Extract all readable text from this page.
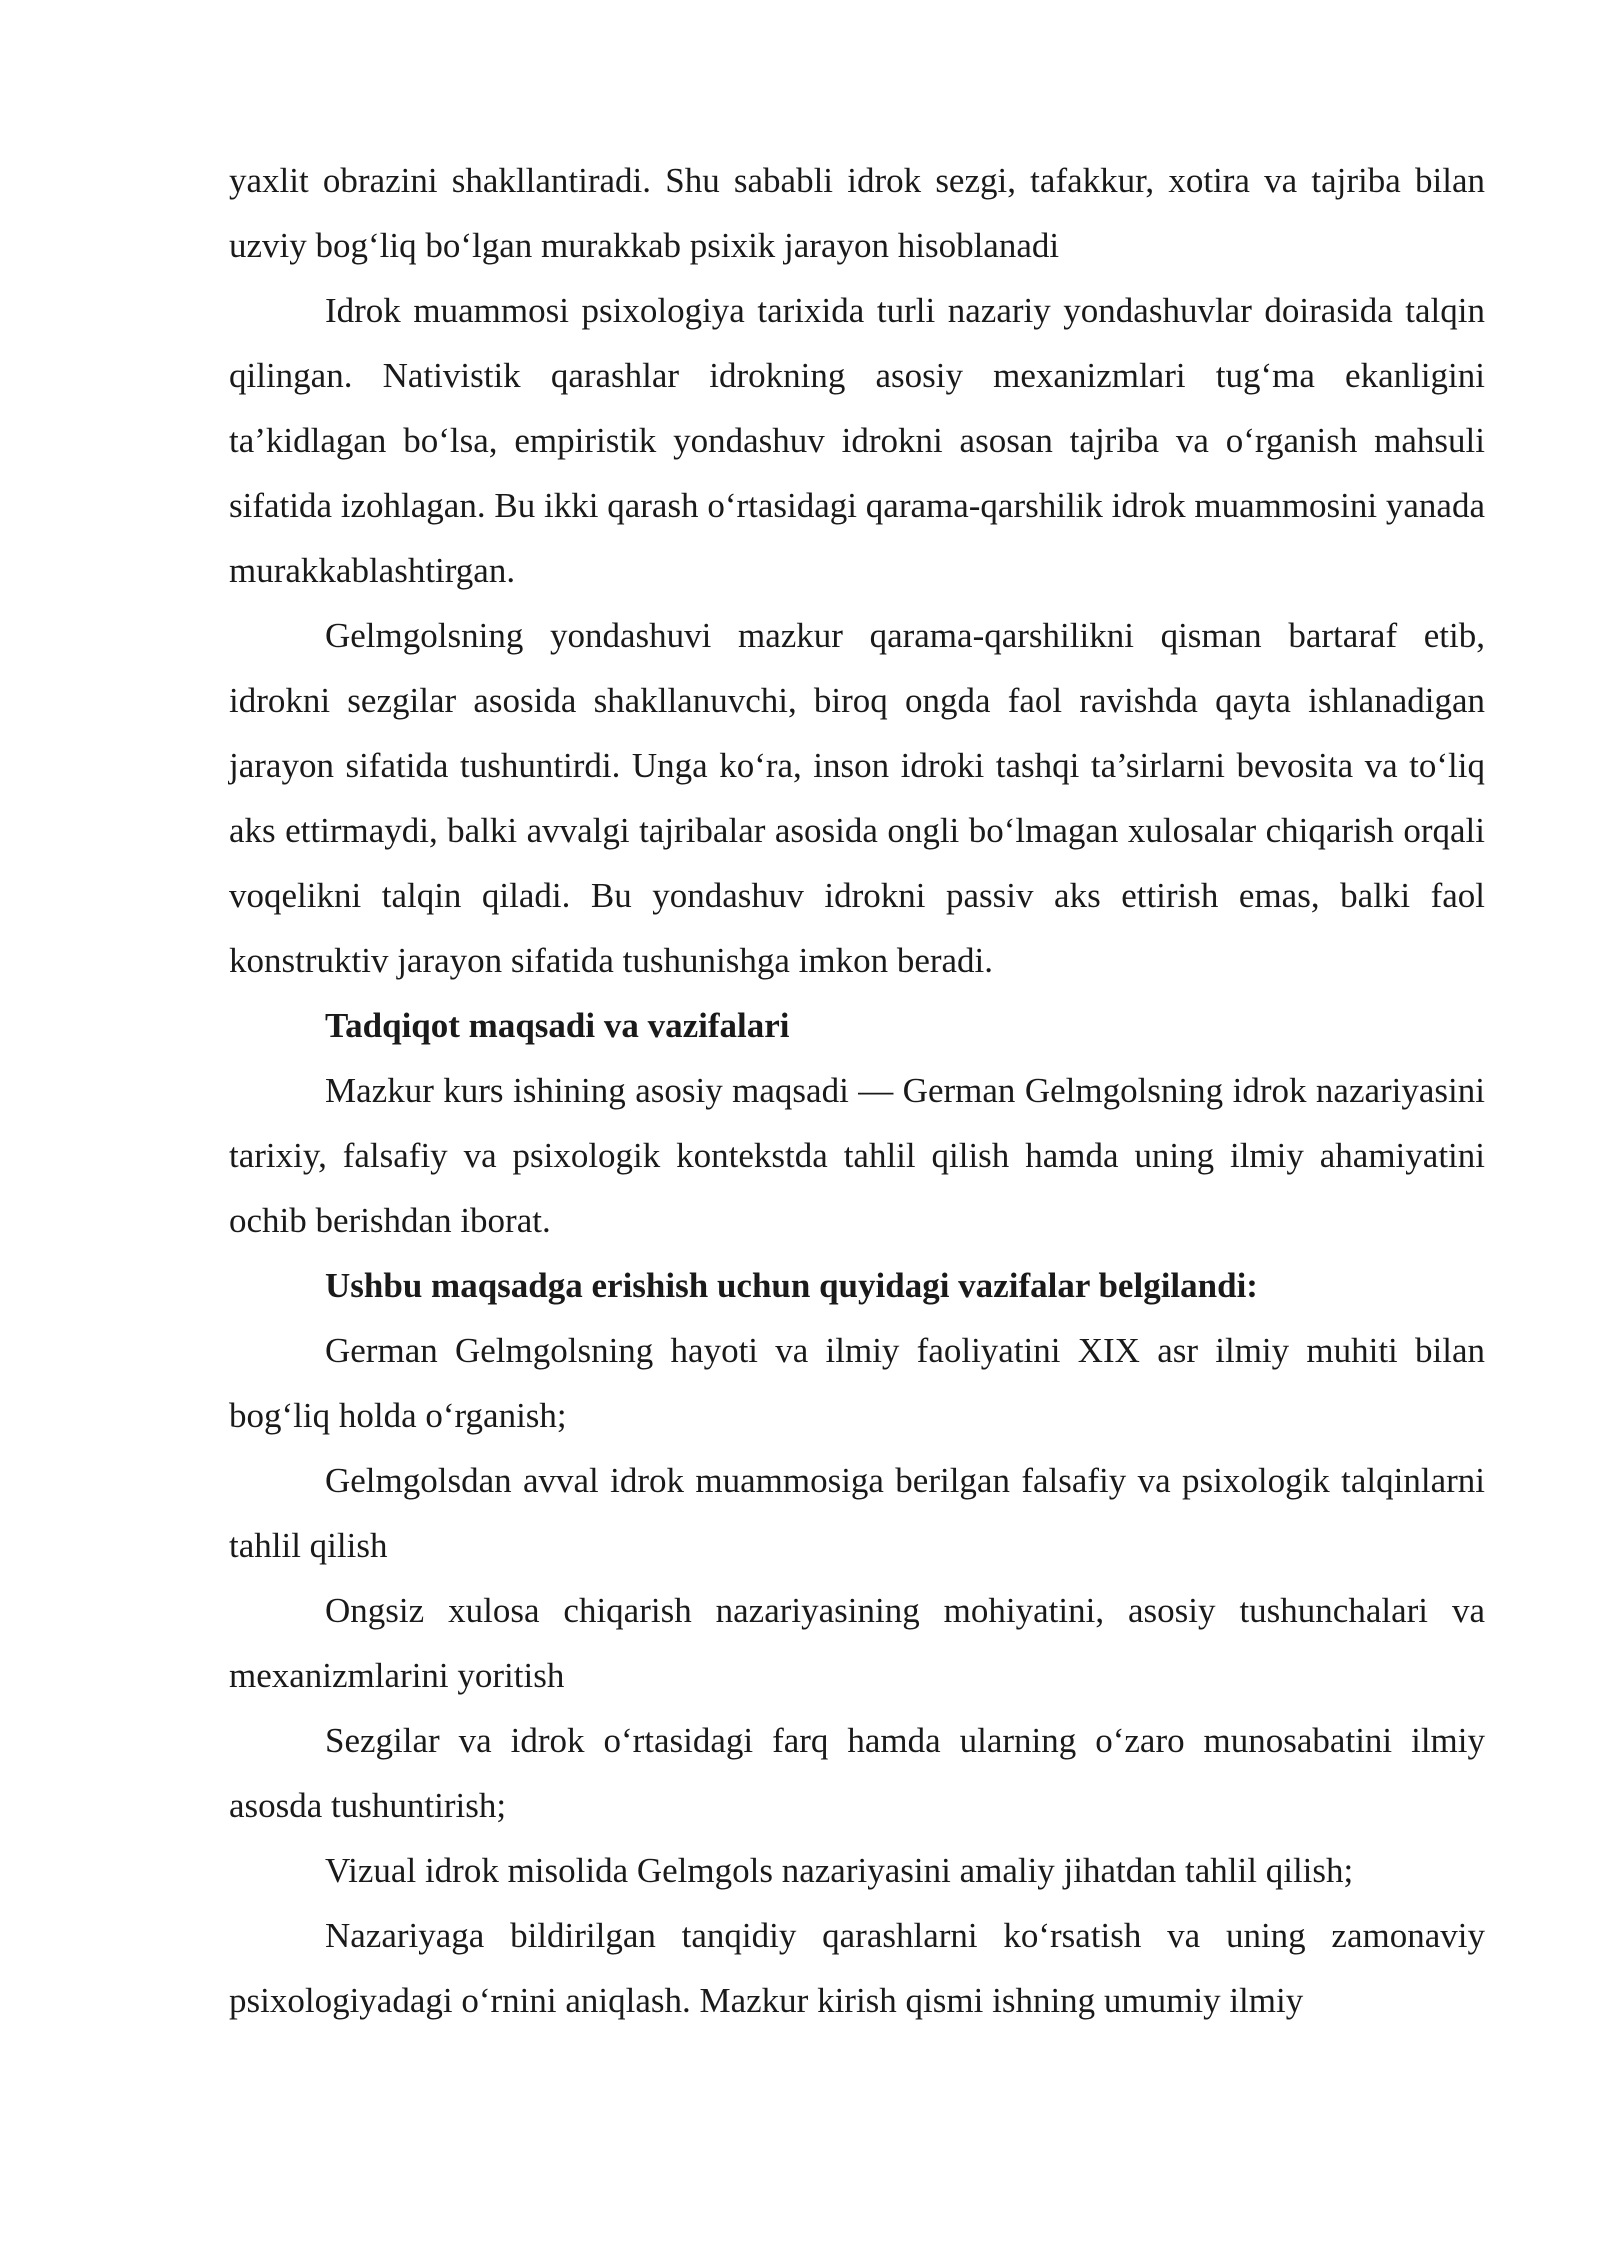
yaxlit obrazini shakllantiradi. Shu sababli idrok sezgi, tafakkur, xotira va tajriba bilan uzviy bog‘liq bo‘lgan murakkab psixik jarayon hisoblanadi

Idrok muammosi psixologiya tarixida turli nazariy yondashuvlar doirasida talqin qilingan. Nativistik qarashlar idrokning asosiy mexanizmlari tug‘ma ekanligini ta’kidlagan bo‘lsa, empiristik yondashuv idrokni asosan tajriba va o‘rganish mahsuli sifatida izohlagan. Bu ikki qarash o‘rtasidagi qarama-qarshilik idrok muammosini yanada murakkablashtirgan.

Gelmgolsning yondashuvi mazkur qarama-qarshilikni qisman bartaraf etib, idrokni sezgilar asosida shakllanuvchi, biroq ongda faol ravishda qayta ishlanadigan jarayon sifatida tushuntirdi. Unga ko‘ra, inson idroki tashqi ta’sirlarni bevosita va to‘liq aks ettirmaydi, balki avvalgi tajribalar asosida ongli bo‘lmagan xulosalar chiqarish orqali voqelikni talqin qiladi. Bu yondashuv idrokni passiv aks ettirish emas, balki faol konstruktiv jarayon sifatida tushunishga imkon beradi.

Tadqiqot maqsadi va vazifalari

Mazkur kurs ishining asosiy maqsadi — German Gelmgolsning idrok nazariyasini tarixiy, falsafiy va psixologik kontekstda tahlil qilish hamda uning ilmiy ahamiyatini ochib berishdan iborat.

Ushbu maqsadga erishish uchun quyidagi vazifalar belgilandi:

German Gelmgolsning hayoti va ilmiy faoliyatini XIX asr ilmiy muhiti bilan bog‘liq holda o‘rganish;

Gelmgolsdan avval idrok muammosiga berilgan falsafiy va psixologik talqinlarni tahlil qilish

Ongsiz xulosa chiqarish nazariyasining mohiyatini, asosiy tushunchalari va mexanizmlarini yoritish

Sezgilar va idrok o‘rtasidagi farq hamda ularning o‘zaro munosabatini ilmiy asosda tushuntirish;

Vizual idrok misolida Gelmgols nazariyasini amaliy jihatdan tahlil qilish;

Nazariyaga bildirilgan tanqidiy qarashlarni ko‘rsatish va uning zamonaviy psixologiyadagi o‘rnini aniqlash. Mazkur kirish qismi ishning umumiy ilmiy
